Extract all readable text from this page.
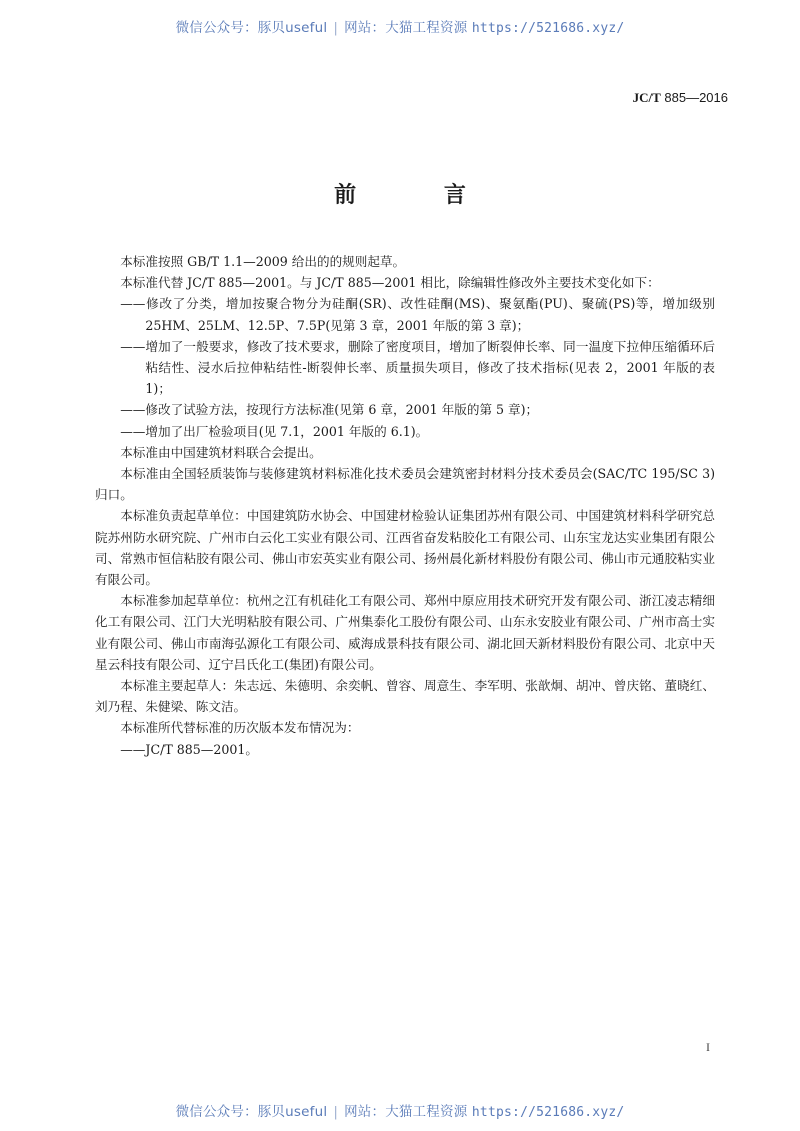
微信公众号：豚贝useful | 网站：大猫工程资源 https://521686.xyz/
JC/T 885—2016
前 言

本标准按照 GB/T 1.1—2009 给出的的规则起草。

本标准代替 JC/T 885—2001。与 JC/T 885—2001 相比，除编辑性修改外主要技术变化如下：

——修改了分类，增加按聚合物分为硅酮(SR)、改性硅酮(MS)、聚氨酯(PU)、聚硫(PS)等，增加级别 25HM、25LM、12.5P、7.5P(见第 3 章，2001 年版的第 3 章)；

——增加了一般要求，修改了技术要求，删除了密度项目，增加了断裂伸长率、同一温度下拉伸压缩循环后粘结性、浸水后拉伸粘结性-断裂伸长率、质量损失项目，修改了技术指标(见表 2，2001 年版的表 1)；

——修改了试验方法，按现行方法标准(见第 6 章，2001 年版的第 5 章)；

——增加了出厂检验项目(见 7.1，2001 年版的 6.1)。

本标准由中国建筑材料联合会提出。

本标准由全国轻质装饰与装修建筑材料标准化技术委员会建筑密封材料分技术委员会(SAC/TC 195/SC 3)归口。

本标准负责起草单位：中国建筑防水协会、中国建材检验认证集团苏州有限公司、中国建筑材料科学研究总院苏州防水研究院、广州市白云化工实业有限公司、江西省奋发粘胶化工有限公司、山东宝龙达实业集团有限公司、常熟市恒信粘胶有限公司、佛山市宏英实业有限公司、扬州晨化新材料股份有限公司、佛山市元通胶粘实业有限公司。

本标准参加起草单位：杭州之江有机硅化工有限公司、郑州中原应用技术研究开发有限公司、浙江凌志精细化工有限公司、江门大光明粘胶有限公司、广州集泰化工股份有限公司、山东永安胶业有限公司、广州市高士实业有限公司、佛山市南海弘源化工有限公司、威海成景科技有限公司、湖北回天新材料股份有限公司、北京中天星云科技有限公司、辽宁吕氏化工(集团)有限公司。

本标准主要起草人：朱志远、朱德明、余奕帆、曾容、周意生、李军明、张歆炯、胡冲、曾庆铭、董晓红、刘乃程、朱健梁、陈文洁。

本标准所代替标准的历次版本发布情况为：

——JC/T 885—2001。

I
微信公众号：豚贝useful | 网站：大猫工程资源 https://521686.xyz/
